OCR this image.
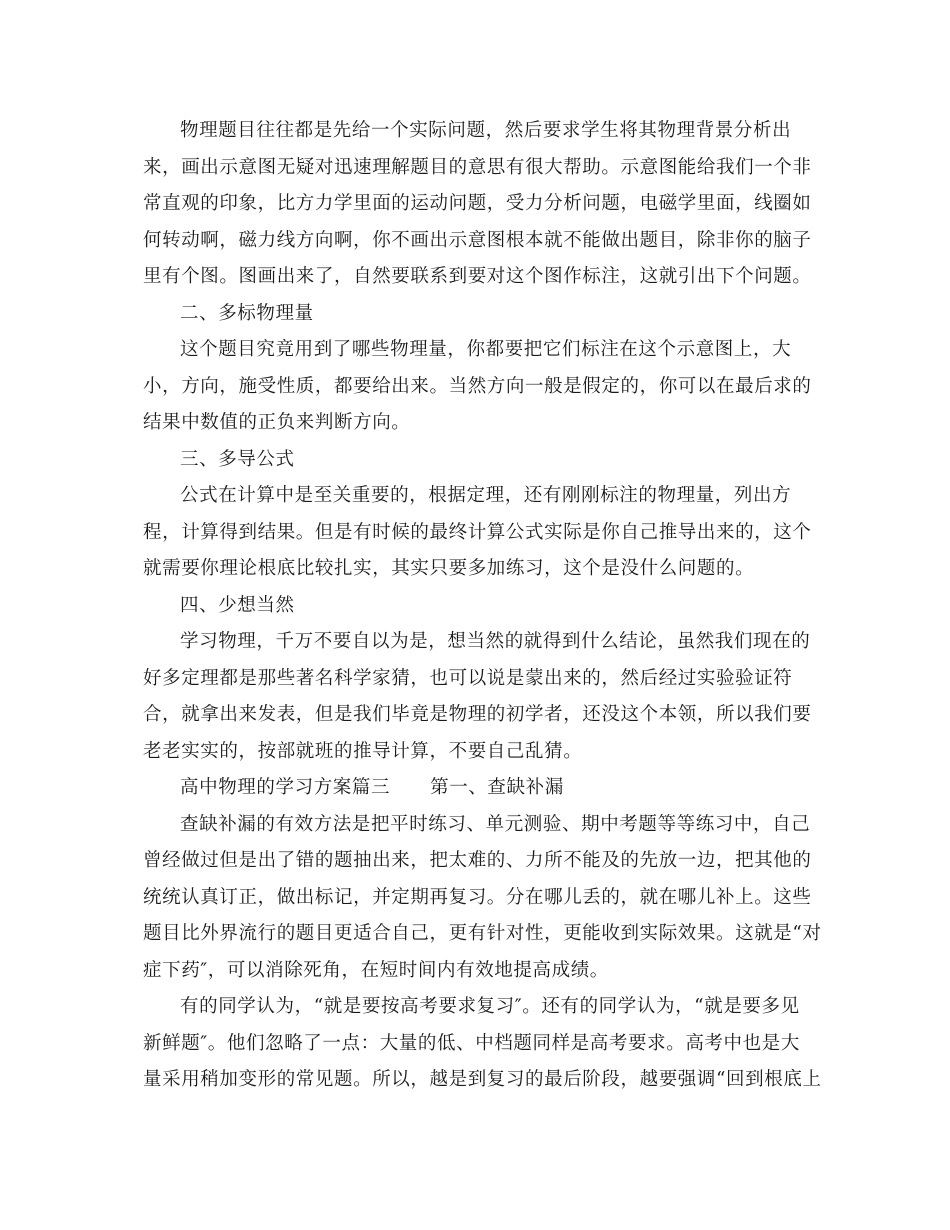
物理题目往往都是先给一个实际问题，然后要求学生将其物理背景分析出
来，画出示意图无疑对迅速理解题目的意思有很大帮助。示意图能给我们一个非
常直观的印象，比方力学里面的运动问题，受力分析问题，电磁学里面，线圈如
何转动啊，磁力线方向啊，你不画出示意图根本就不能做出题目，除非你的脑子
里有个图。图画出来了，自然要联系到要对这个图作标注，这就引出下个问题。
二、多标物理量
这个题目究竟用到了哪些物理量，你都要把它们标注在这个示意图上，大
小，方向，施受性质，都要给出来。当然方向一般是假定的，你可以在最后求的
结果中数值的正负来判断方向。
三、多导公式
公式在计算中是至关重要的，根据定理，还有刚刚标注的物理量，列出方
程，计算得到结果。但是有时候的最终计算公式实际是你自己推导出来的，这个
就需要你理论根底比较扎实，其实只要多加练习，这个是没什么问题的。
四、少想当然
学习物理，千万不要自以为是，想当然的就得到什么结论，虽然我们现在的
好多定理都是那些著名科学家猜，也可以说是蒙出来的，然后经过实验验证符
合，就拿出来发表，但是我们毕竟是物理的初学者，还没这个本领，所以我们要
老老实实的，按部就班的推导计算，不要自己乱猜。
高中物理的学习方案篇三 第一、查缺补漏
查缺补漏的有效方法是把平时练习、单元测验、期中考题等等练习中，自己
曾经做过但是出了错的题抽出来，把太难的、力所不能及的先放一边，把其他的
统统认真订正，做出标记，并定期再复习。分在哪儿丢的，就在哪儿补上。这些
题目比外界流行的题目更适合自己，更有针对性，更能收到实际效果。这就是“对
症下药″，可以消除死角，在短时间内有效地提高成绩。
有的同学认为，“就是要按高考要求复习″。还有的同学认为，“就是要多见
新鲜题″。他们忽略了一点：大量的低、中档题同样是高考要求。高考中也是大
量采用稍加变形的常见题。所以，越是到复习的最后阶段，越要强调“回到根底上
